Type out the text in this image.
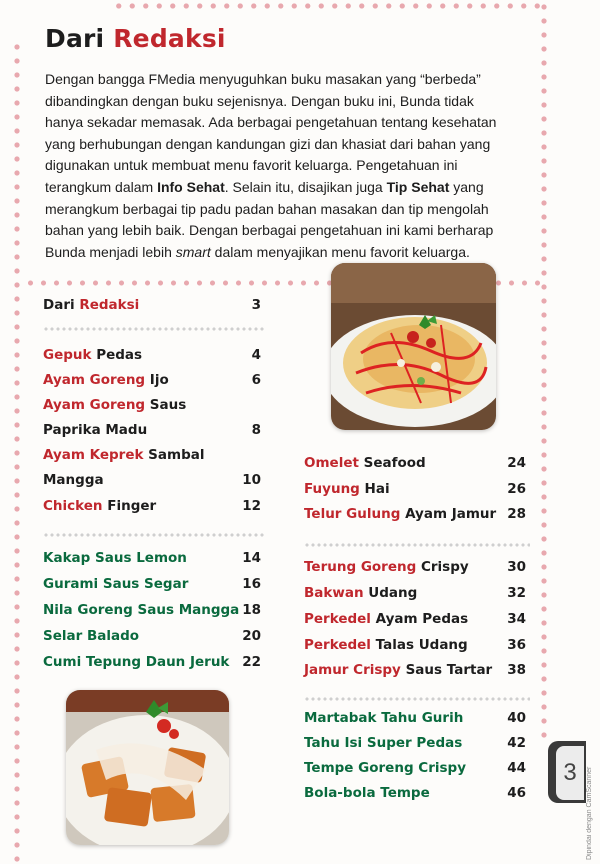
Dari Redaksi
Dengan bangga FMedia menyuguhkan buku masakan yang “berbeda”
dibandingkan dengan buku sejenisnya. Dengan buku ini, Bunda tidak
hanya sekadar memasak. Ada berbagai pengetahuan tentang kesehatan
yang berhubungan dengan kandungan gizi dan khasiat dari bahan yang
digunakan untuk membuat menu favorit keluarga. Pengetahuan ini
terangkum dalam Info Sehat. Selain itu, disajikan juga Tip Sehat yang
merangkum berbagai tip padu padan bahan masakan dan tip mengolah
bahan yang lebih baik. Dengan berbagai pengetahuan ini kami berharap
Bunda menjadi lebih smart dalam menyajikan menu favorit keluarga.
Dari Redaksi	3
Gepuk Pedas	4
Ayam Goreng Ijo	6
Ayam Goreng Saus
Paprika Madu	8
Ayam Keprek Sambal
Mangga	10
Chicken Finger	12
Kakap Saus Lemon	14
Gurami Saus Segar	16
Nila Goreng Saus Mangga 18
Selar Balado	20
Cumi Tepung Daun Jeruk 22
Omelet Seafood	24
Fuyung Hai	26
Telur Gulung Ayam Jamur 28
Terung Goreng Crispy	30
Bakwan Udang	32
Perkedel Ayam Pedas	34
Perkedel Talas Udang	36
Jamur Crispy Saus Tartar	38
Martabak Tahu Gurih	40
Tahu Isi Super Pedas	42
Tempe Goreng Crispy	44
Bola-bola Tempe	46
3	Dipindai dengan CamScanner
